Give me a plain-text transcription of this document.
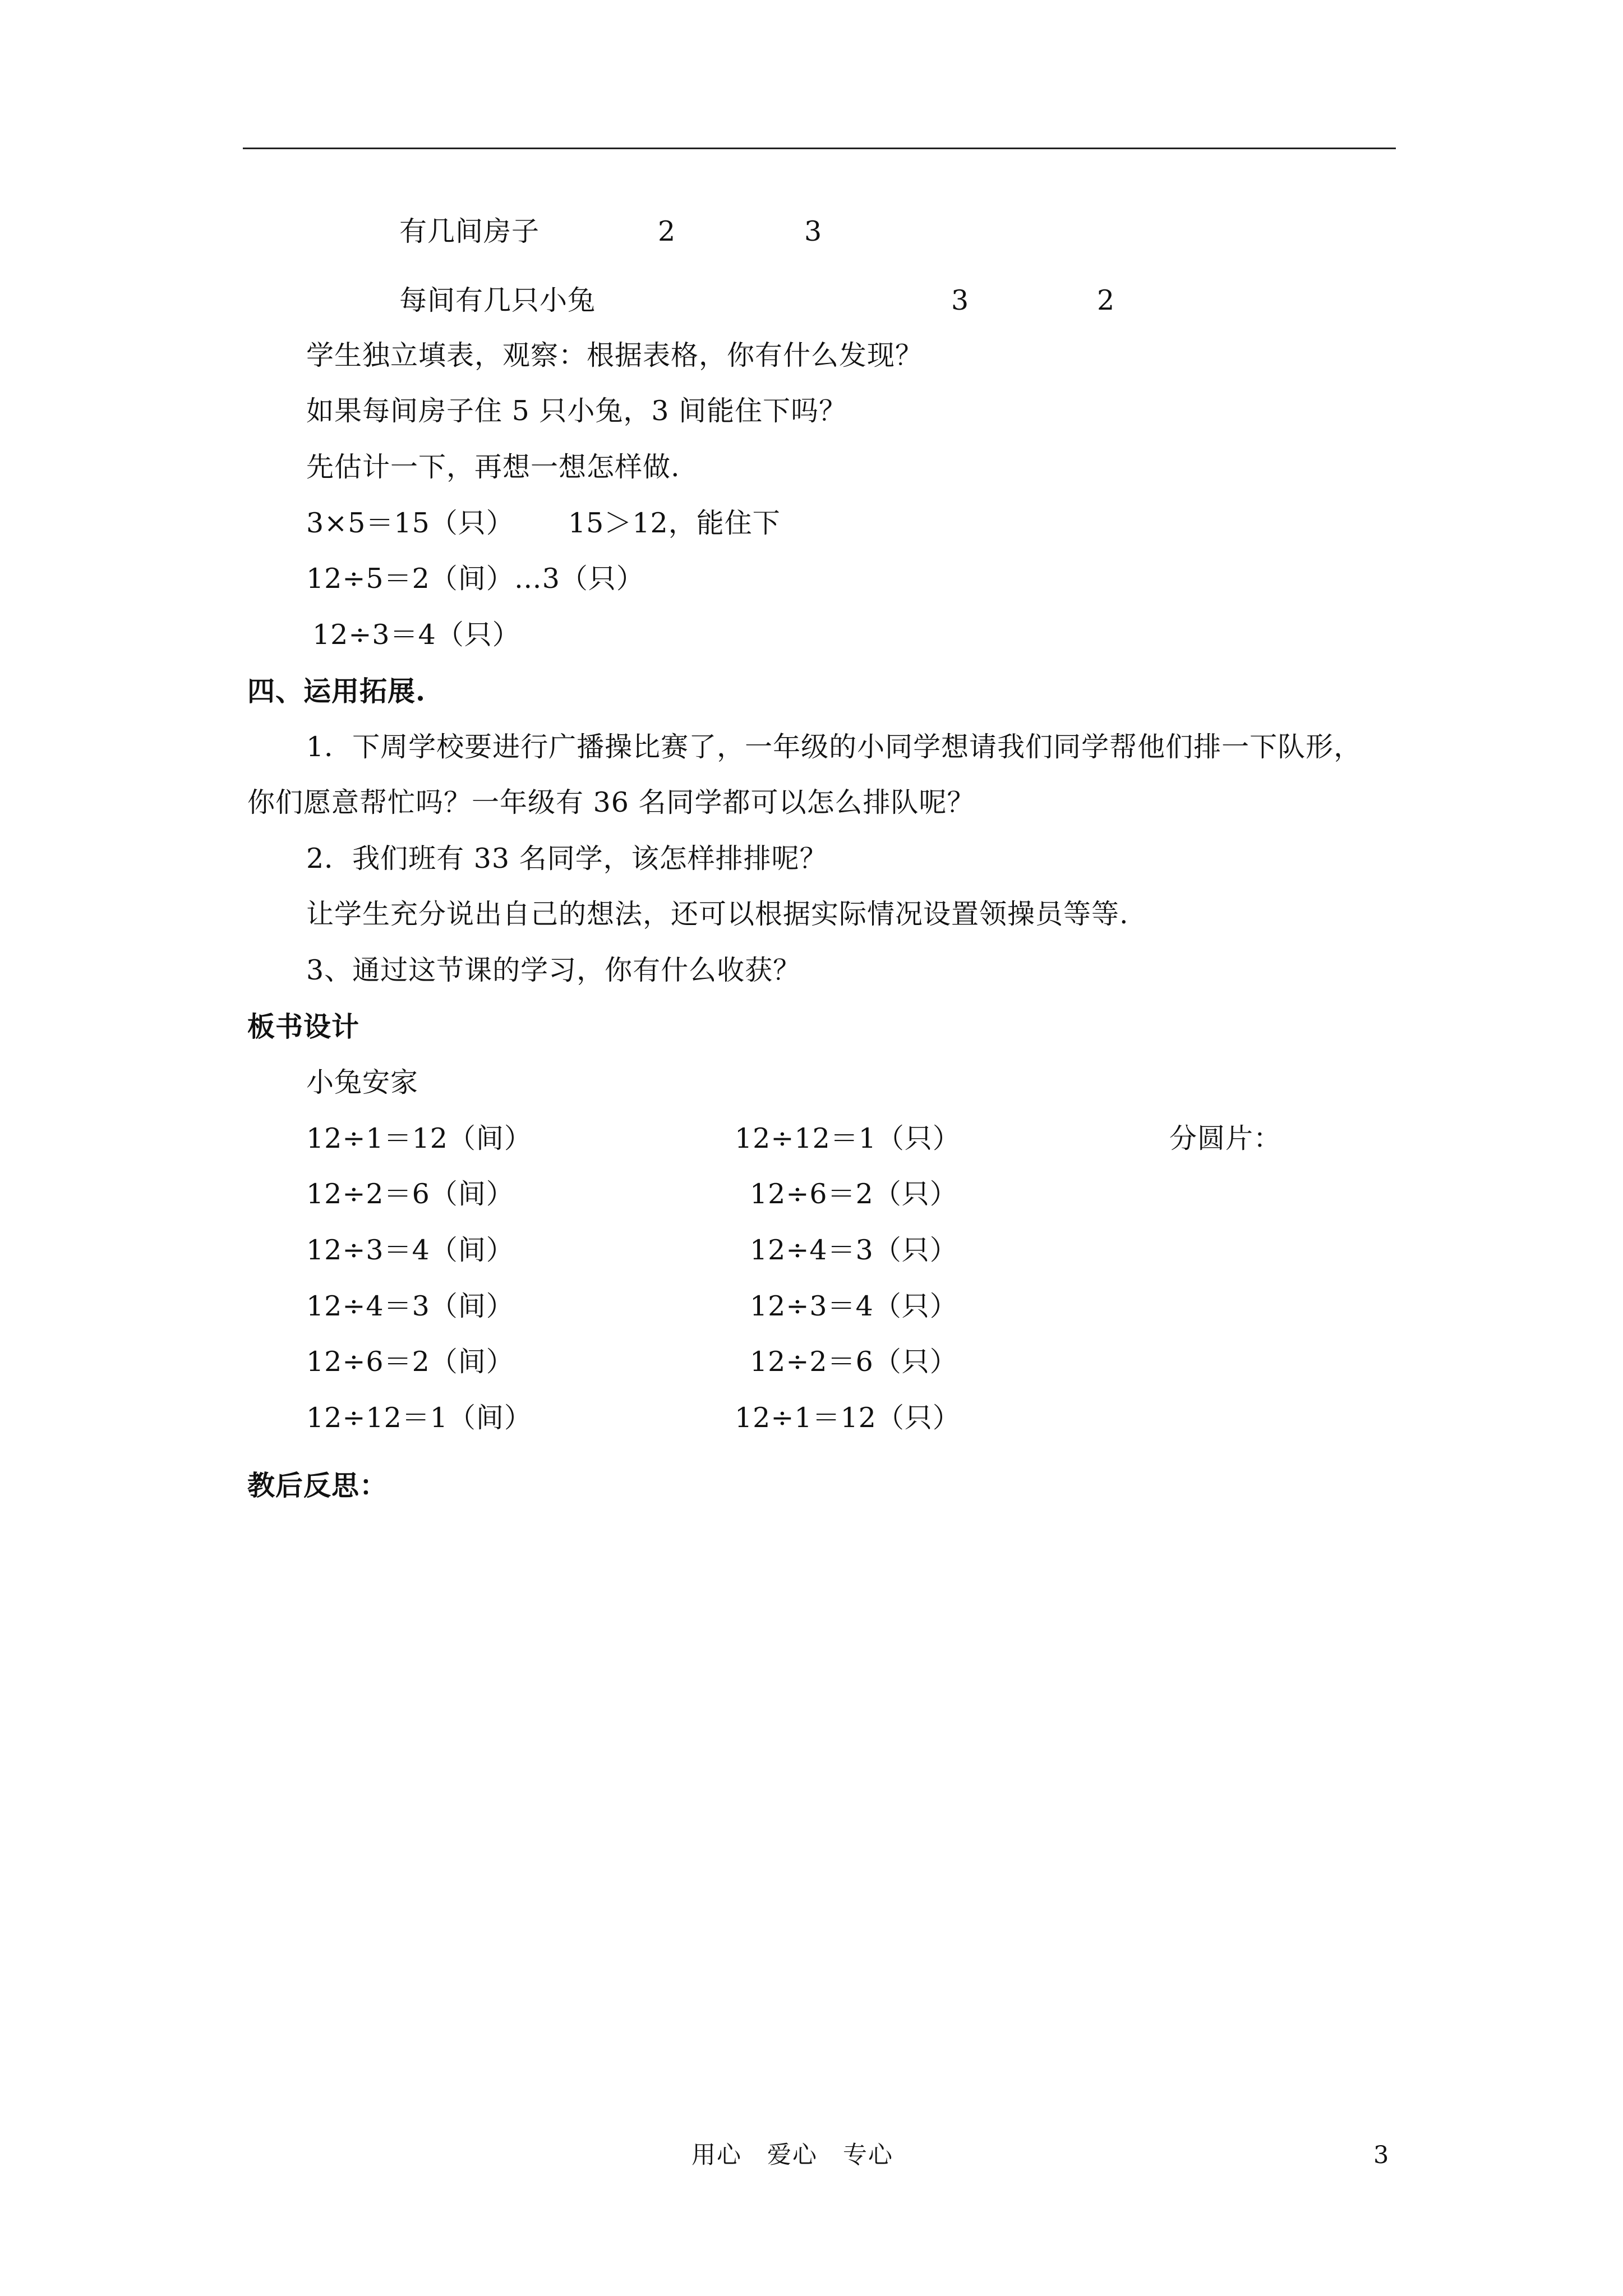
有几间房子	2	3
每间有几只小兔	3	2
学生独立填表，观察：根据表格，你有什么发现？
如果每间房子住 5 只小兔，3 间能住下吗？
先估计一下，再想一想怎样做.
3×5＝15（只） 15＞12，能住下
12÷5＝2（间）…3（只）
12÷3＝4（只）
四、运用拓展.
1．下周学校要进行广播操比赛了，一年级的小同学想请我们同学帮他们排一下队形，
你们愿意帮忙吗？一年级有 36 名同学都可以怎么排队呢？
2．我们班有 33 名同学，该怎样排排呢？
让学生充分说出自己的想法，还可以根据实际情况设置领操员等等.
3、通过这节课的学习，你有什么收获？
板书设计
小兔安家
12÷1＝12（间）	12÷12＝1（只）	分圆片：
12÷2＝6（间）	12÷6＝2（只）
12÷3＝4（间）	12÷4＝3（只）
12÷4＝3（间）	12÷3＝4（只）
12÷6＝2（间）	12÷2＝6（只）
12÷12＝1（间）	12÷1＝12（只）
教后反思：
用心　爱心　专心	3
